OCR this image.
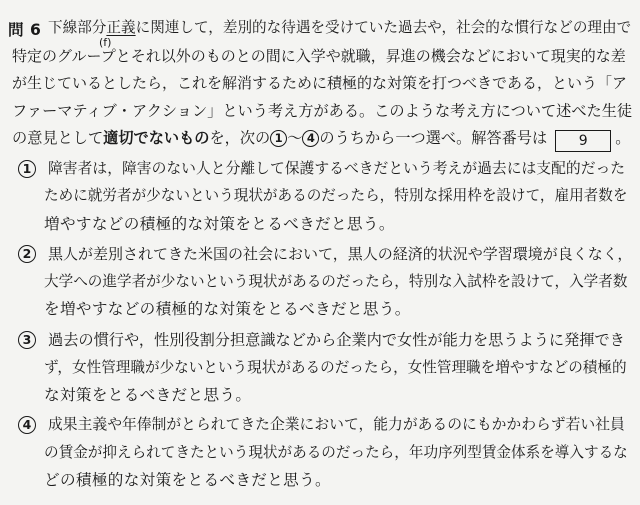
問 6
(f)
下線部分正義に関連して，差別的な待遇を受けていた過去や，社会的な慣行などの理由で
特定のグループとそれ以外のものとの間に入学や就職，昇進の機会などにおいて現実的な差
が生じているとしたら，これを解消するために積極的な対策を打つべきである，という「ア
ファーマティブ・アクション」という考え方がある。このような考え方について述べた生徒
の意見として適切でないものを，次の 1 〜 4 のうちから一つ選べ。解答番号は 9 。
1	障害者は，障害のない人と分離して保護するべきだという考えが過去には支配的だった
ために就労者が少ないという現状があるのだったら，特別な採用枠を設けて，雇用者数を
増やすなどの積極的な対策をとるべきだと思う。
2	黒人が差別されてきた米国の社会において，黒人の経済的状況や学習環境が良くなく，
大学への進学者が少ないという現状があるのだったら，特別な入試枠を設けて，入学者数
を増やすなどの積極的な対策をとるべきだと思う。
3	過去の慣行や，性別役割分担意識などから企業内で女性が能力を思うように発揮でき
ず，女性管理職が少ないという現状があるのだったら，女性管理職を増やすなどの積極的
な対策をとるべきだと思う。
4	成果主義や年俸制がとられてきた企業において，能力があるのにもかかわらず若い社員
の賃金が抑えられてきたという現状があるのだったら，年功序列型賃金体系を導入するな
どの積極的な対策をとるべきだと思う。
